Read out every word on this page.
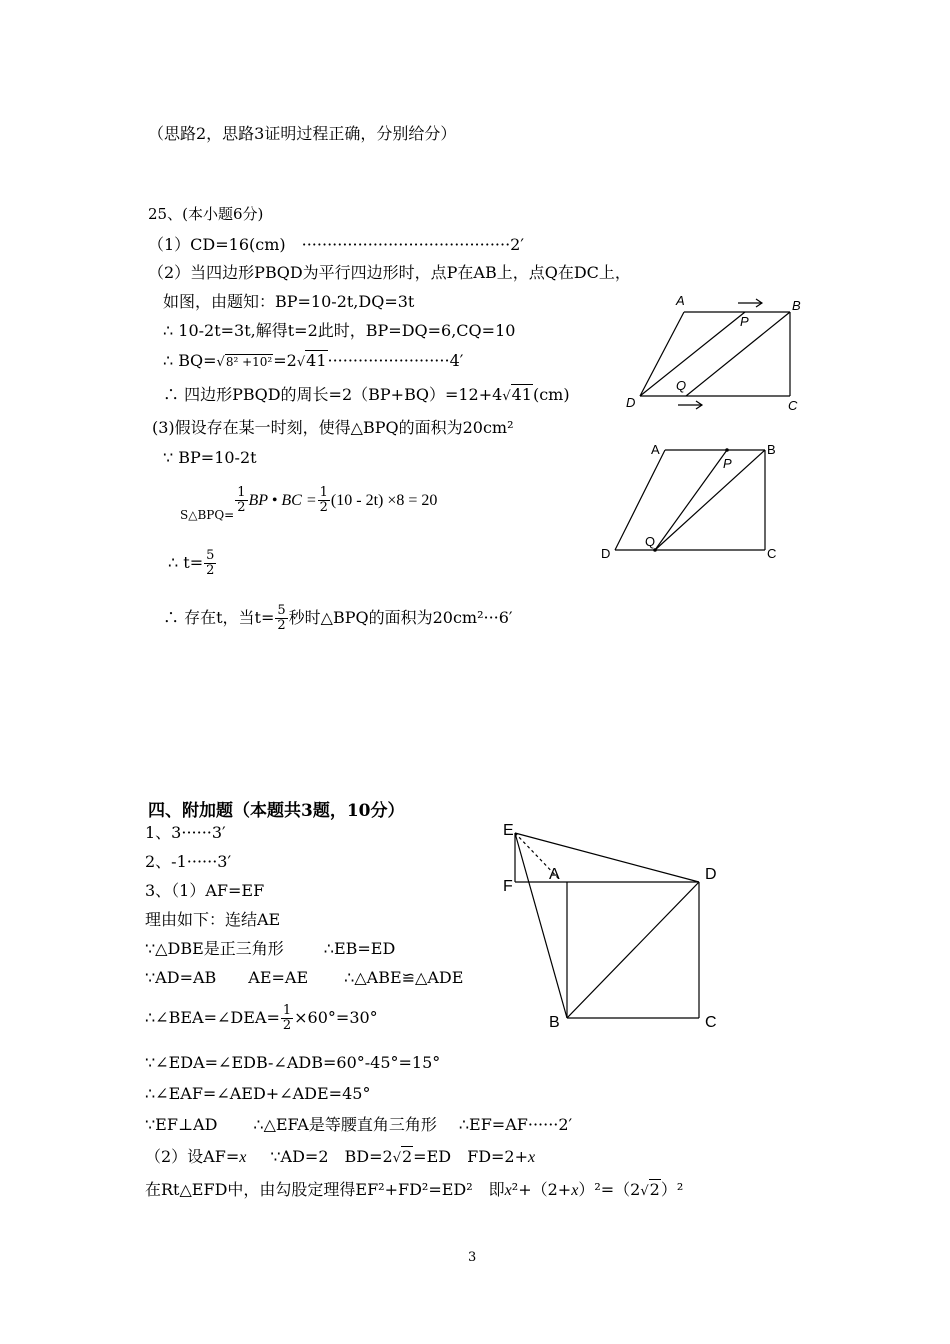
（思路2，思路3证明过程正确，分别给分）
25、(本小题6分)
（1）CD=16(cm)　·········································2′
（2）当四边形PBQD为平行四边形时，点P在AB上，点Q在DC上，
如图，由题知：BP=10-2t,DQ=3t
∴ 10-2t=3t,解得t=2此时，BP=DQ=6,CQ=10
∴ BQ=√8² +10²=2√41························4′
∴ 四边形PBQD的周长=2（BP+BQ）=12+4√41(cm)
(3)假设存在某一时刻，使得△BPQ的面积为20cm²
∵ BP=10-2t
$_{S\triangle BPQ=} \frac{1}{2}$ BP • BC = $\frac{1}{2} (10 - 2t) \times 8 = 20$
∴ $t= \frac{5}{2}$
∴ 存在t，当$t= \frac{5}{2}$ 秒时△BPQ的面积为20cm²···6′
A	B
C
D
P
Q
A	B
C
D
P
Q
四、附加题（本题共3题，10分）
1、3······3′
2、-1······3′
3、（1）AF=EF
理由如下：连结AE
∵△DBE是正三角形	∴EB=ED
∵AD=AB　　AE=AE ∴△ABE≌△ADE
∴∠BEA=∠DEA= $\frac{1}{2} \times 60^\circ=30^\circ$
∵∠EDA=∠EDB-∠ADB=60°-45°=15°
∴∠EAF=∠AED+∠ADE=45°
∵EF⊥AD ∴△EFA是等腰直角三角形 ∴EF=AF······2′
（2）设AF=x ∵AD=2　BD=2√2=ED　FD=2+x
在Rt△EFD中，由勾股定理得EF²+FD²=ED²　即x²+（2+x）²=（2√2）²
E
F
A	D
B	C
3
